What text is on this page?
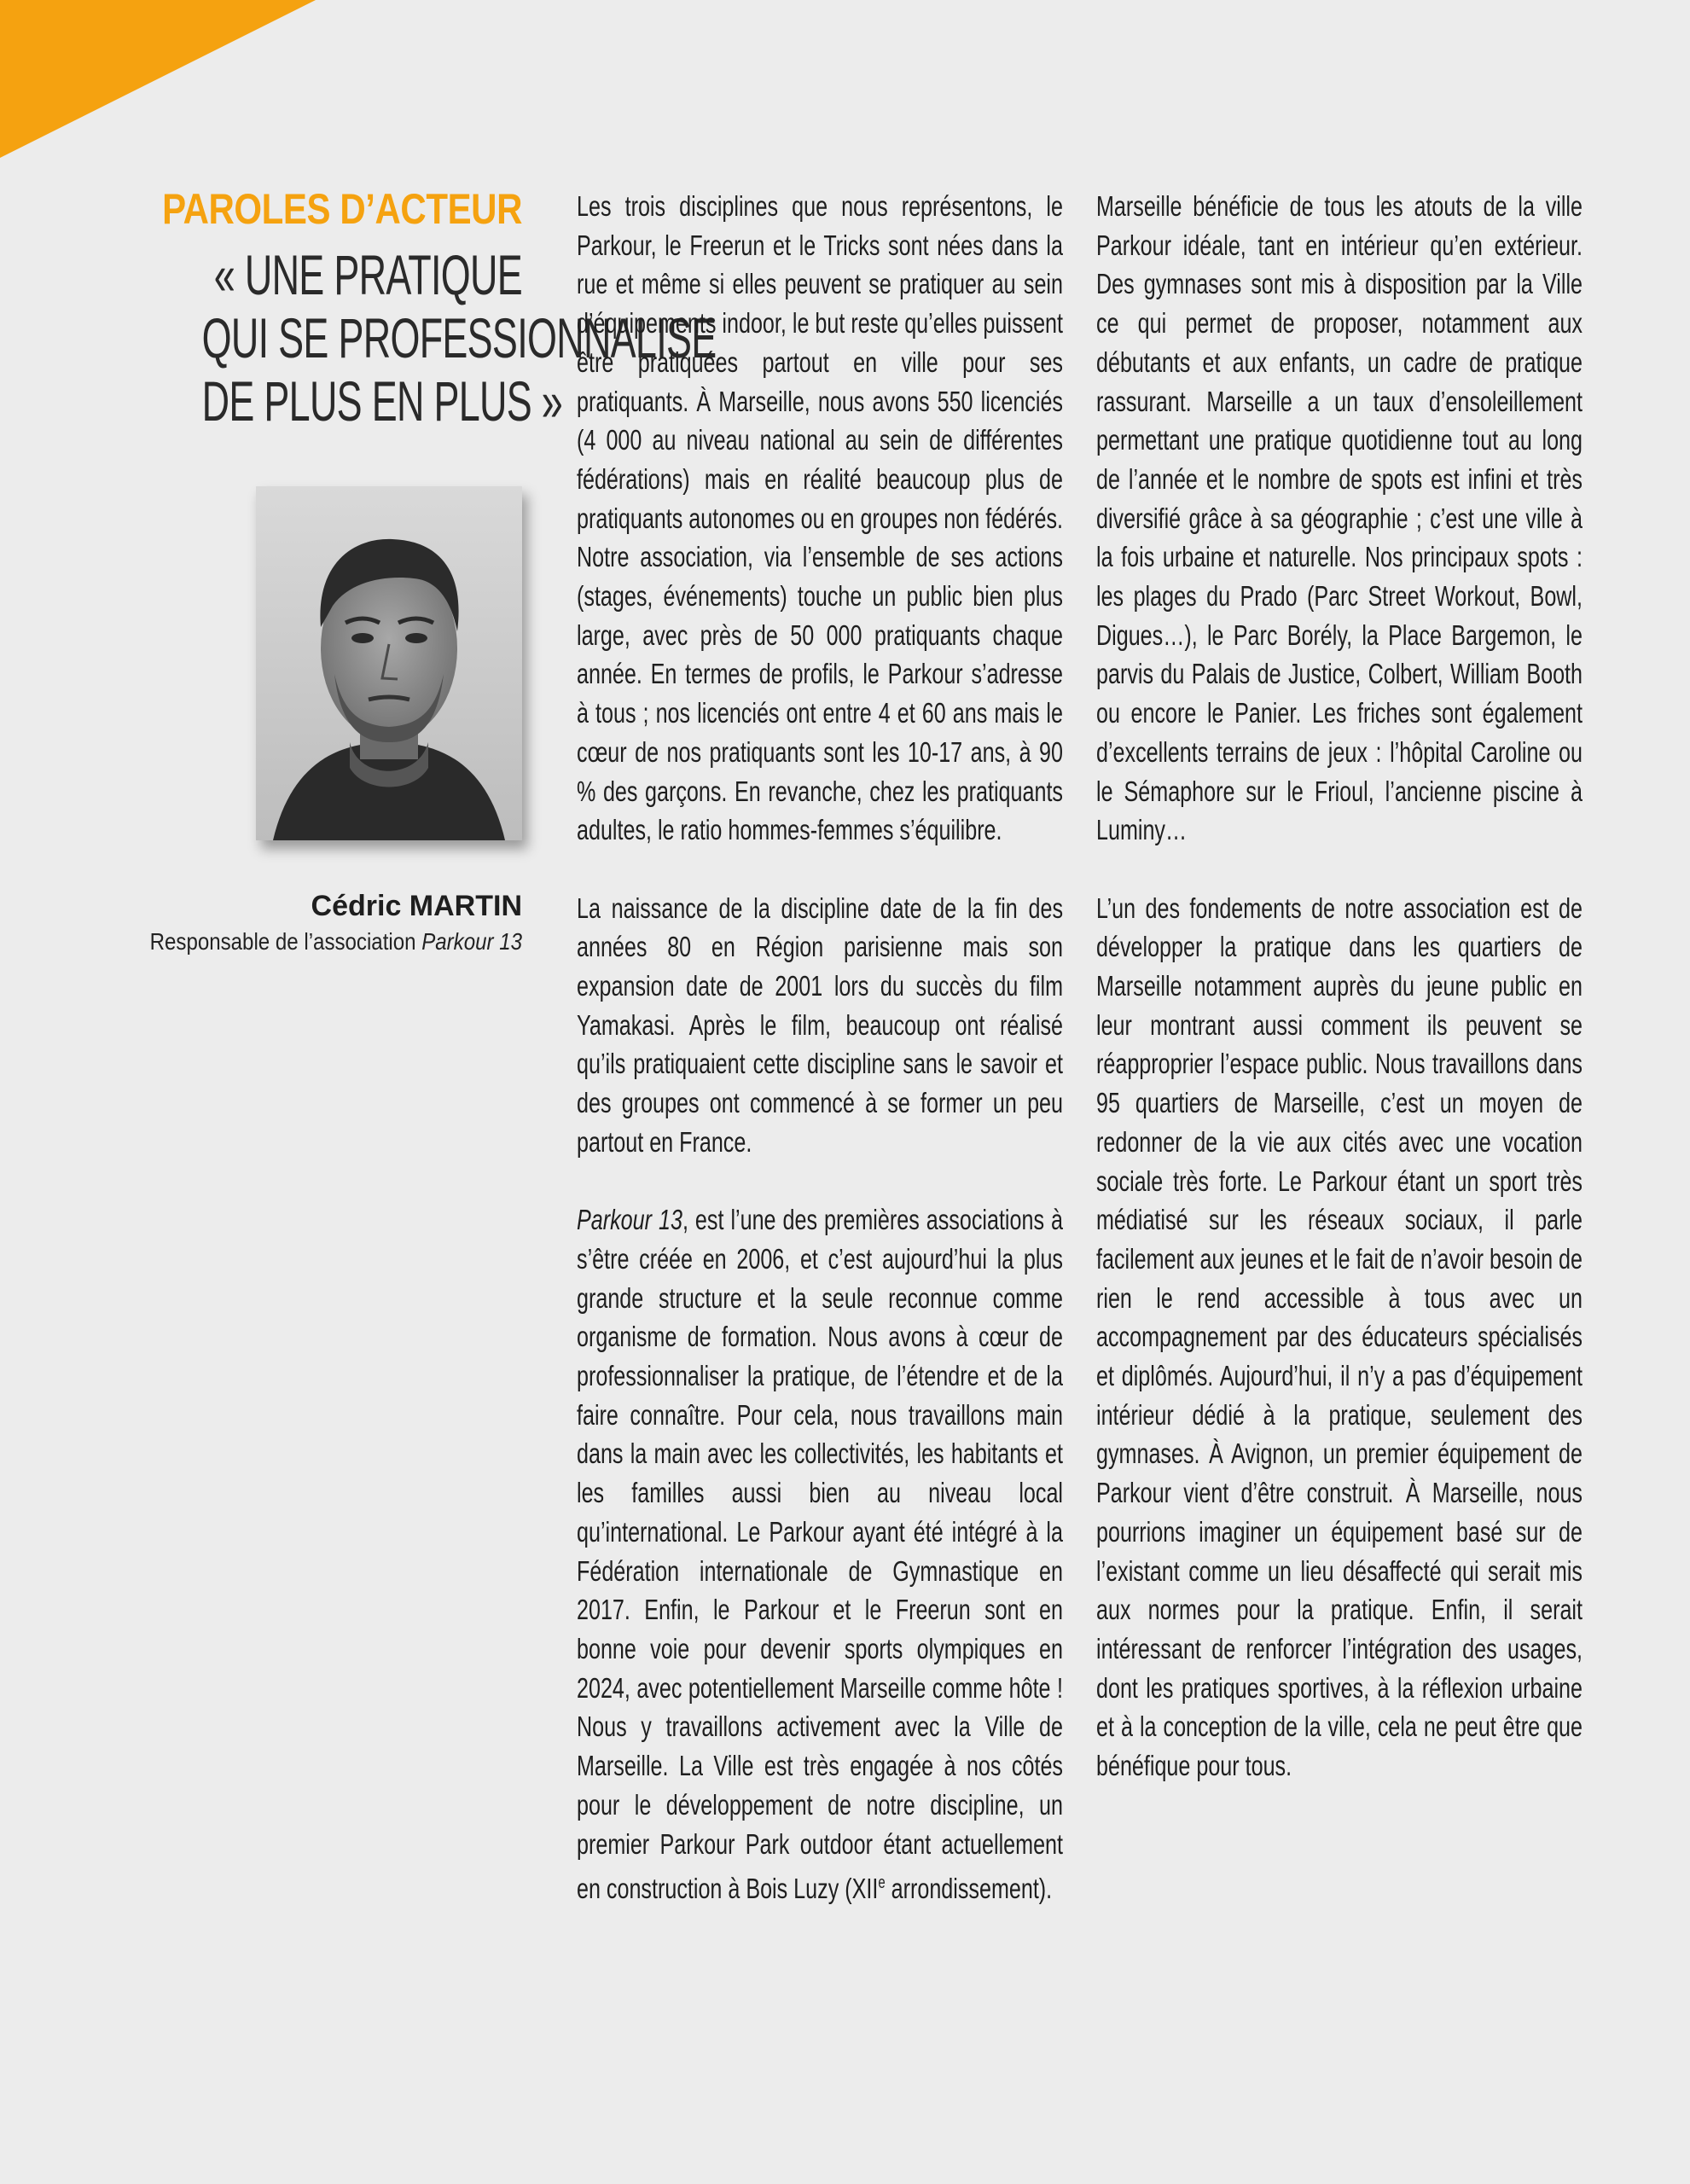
PAROLES D’ACTEUR
« UNE PRATIQUE
QUI SE PROFESSIONNALISE
DE PLUS EN PLUS »
Cédric MARTIN
Responsable de l’association Parkour 13

Les trois disciplines que nous représentons, le Parkour, le Freerun et le Tricks sont nées dans la rue et même si elles peuvent se pratiquer au sein d’équipements indoor, le but reste qu’elles puissent être pratiquées partout en ville pour ses pratiquants. À Marseille, nous avons 550 licenciés (4 000 au niveau national au sein de différentes fédérations) mais en réalité beaucoup plus de pratiquants autonomes ou en groupes non fédérés. Notre association, via l’ensemble de ses actions (stages, événements) touche un public bien plus large, avec près de 50 000 pratiquants chaque année. En termes de profils, le Parkour s’adresse à tous ; nos licenciés ont entre 4 et 60 ans mais le cœur de nos pratiquants sont les 10-17 ans, à 90 % des garçons. En revanche, chez les pratiquants adultes, le ratio hommes-femmes s’équilibre.

La naissance de la discipline date de la fin des années 80 en Région parisienne mais son expansion date de 2001 lors du succès du film Yamakasi. Après le film, beaucoup ont réalisé qu’ils pratiquaient cette discipline sans le savoir et des groupes ont commencé à se former un peu partout en France.

Parkour 13, est l’une des premières associations à s’être créée en 2006, et c’est aujourd’hui la plus grande structure et la seule reconnue comme organisme de formation. Nous avons à cœur de professionnaliser la pratique, de l’étendre et de la faire connaître. Pour cela, nous travaillons main dans la main avec les collectivités, les habitants et les familles aussi bien au niveau local qu’international. Le Parkour ayant été intégré à la Fédération internationale de Gymnastique en 2017. Enfin, le Parkour et le Freerun sont en bonne voie pour devenir sports olympiques en 2024, avec potentiellement Marseille comme hôte ! Nous y travaillons activement avec la Ville de Marseille. La Ville est très engagée à nos côtés pour le développement de notre discipline, un premier Parkour Park outdoor étant actuellement en construction à Bois Luzy (XIIe arrondissement).

Marseille bénéficie de tous les atouts de la ville Parkour idéale, tant en intérieur qu’en extérieur. Des gymnases sont mis à disposition par la Ville ce qui permet de proposer, notamment aux débutants et aux enfants, un cadre de pratique rassurant. Marseille a un taux d’ensoleillement permettant une pratique quotidienne tout au long de l’année et le nombre de spots est infini et très diversifié grâce à sa géographie ; c’est une ville à la fois urbaine et naturelle. Nos principaux spots : les plages du Prado (Parc Street Workout, Bowl, Digues…), le Parc Borély, la Place Bargemon, le parvis du Palais de Justice, Colbert, William Booth ou encore le Panier. Les friches sont également d’excellents terrains de jeux : l’hôpital Caroline ou le Sémaphore sur le Frioul, l’ancienne piscine à Luminy…

L’un des fondements de notre association est de développer la pratique dans les quartiers de Marseille notamment auprès du jeune public en leur montrant aussi comment ils peuvent se réapproprier l’espace public. Nous travaillons dans 95 quartiers de Marseille, c’est un moyen de redonner de la vie aux cités avec une vocation sociale très forte. Le Parkour étant un sport très médiatisé sur les réseaux sociaux, il parle facilement aux jeunes et le fait de n’avoir besoin de rien le rend accessible à tous avec un accompagnement par des éducateurs spécialisés et diplômés. Aujourd’hui, il n’y a pas d’équipement intérieur dédié à la pratique, seulement des gymnases. À Avignon, un premier équipement de Parkour vient d’être construit. À Marseille, nous pourrions imaginer un équipement basé sur de l’existant comme un lieu désaffecté qui serait mis aux normes pour la pratique. Enfin, il serait intéressant de renforcer l’intégration des usages, dont les pratiques sportives, à la réflexion urbaine et à la conception de la ville, cela ne peut être que bénéfique pour tous.
